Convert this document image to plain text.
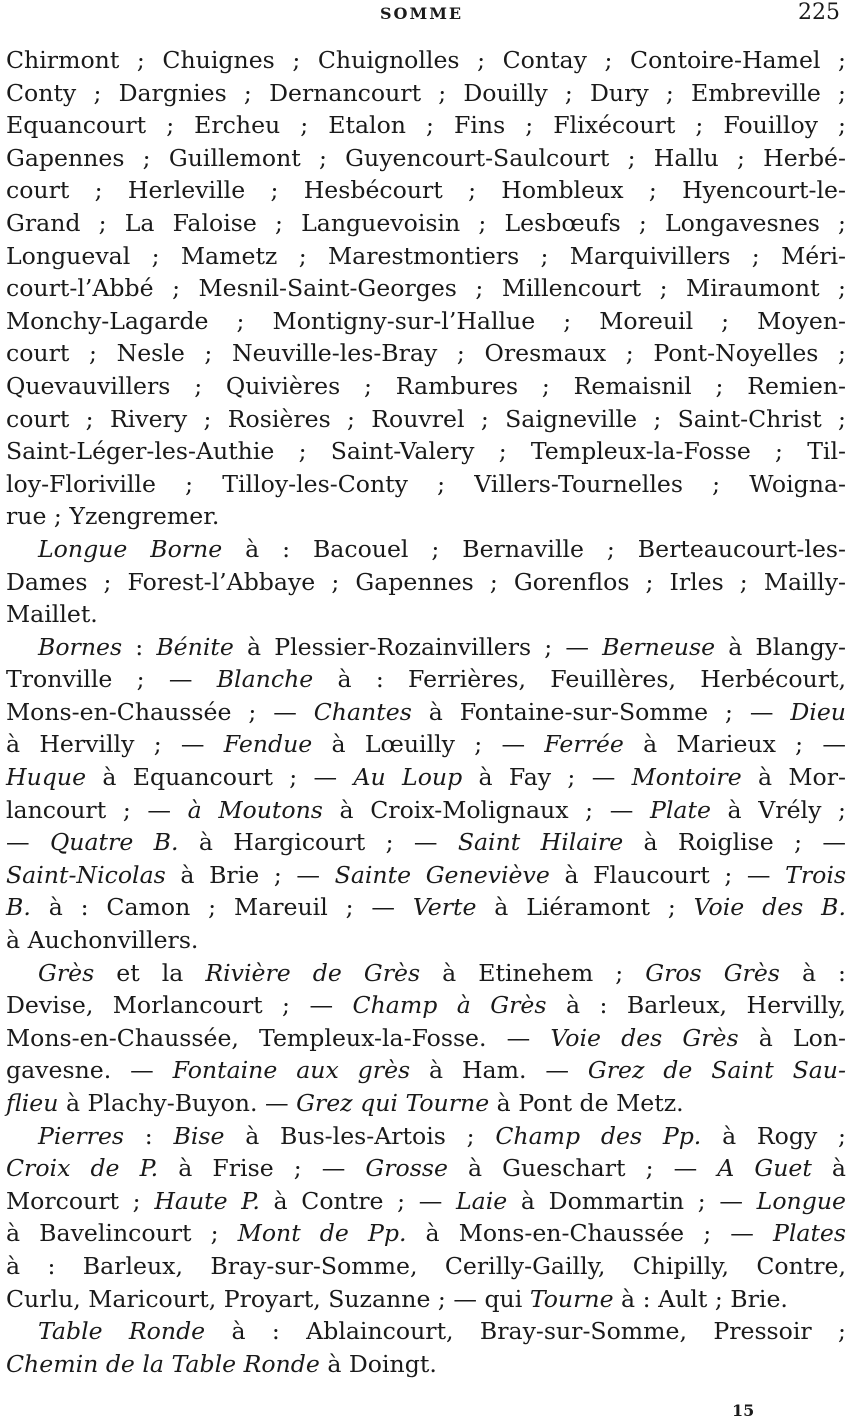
SOMME	225
Chirmont ; Chuignes ; Chuignolles ; Contay ; Contoire-Hamel ;
Conty ; Dargnies ; Dernancourt ; Douilly ; Dury ; Embreville ;
Equancourt ; Ercheu ; Etalon ; Fins ; Flixécourt ; Fouilloy ;
Gapennes ; Guillemont ; Guyencourt-Saulcourt ; Hallu ; Herbé-
court ; Herleville ; Hesbécourt ; Hombleux ; Hyencourt-le-
Grand ; La Faloise ; Languevoisin ; Lesbœufs ; Longavesnes ;
Longueval ; Mametz ; Marestmontiers ; Marquivillers ; Méri-
court-l’Abbé ; Mesnil-Saint-Georges ; Millencourt ; Miraumont ;
Monchy-Lagarde ; Montigny-sur-l’Hallue ; Moreuil ; Moyen-
court ; Nesle ; Neuville-les-Bray ; Oresmaux ; Pont-Noyelles ;
Quevauvillers ; Quivières ; Rambures ; Remaisnil ; Remien-
court ; Rivery ; Rosières ; Rouvrel ; Saigneville ; Saint-Christ ;
Saint-Léger-les-Authie ; Saint-Valery ; Templeux-la-Fosse ; Til-
loy-Floriville ; Tilloy-les-Conty ; Villers-Tournelles ; Woigna-
rue ; Yzengremer.
Longue Borne à : Bacouel ; Bernaville ; Berteaucourt-les-
Dames ; Forest-l’Abbaye ; Gapennes ; Gorenflos ; Irles ; Mailly-
Maillet.
Bornes : Bénite à Plessier-Rozainvillers ; — Berneuse à Blangy-
Tronville ; — Blanche à : Ferrières, Feuillères, Herbécourt,
Mons-en-Chaussée ; — Chantes à Fontaine-sur-Somme ; — Dieu
à Hervilly ; — Fendue à Lœuilly ; — Ferrée à Marieux ; —
Huque à Equancourt ; — Au Loup à Fay ; — Montoire à Mor-
lancourt ; — à Moutons à Croix-Molignaux ; — Plate à Vrély ;
— Quatre B. à Hargicourt ; — Saint Hilaire à Roiglise ; —
Saint-Nicolas à Brie ; — Sainte Geneviève à Flaucourt ; — Trois
B. à : Camon ; Mareuil ; — Verte à Liéramont ; Voie des B.
à Auchonvillers.
Grès et la Rivière de Grès à Etinehem ; Gros Grès à :
Devise, Morlancourt ; — Champ à Grès à : Barleux, Hervilly,
Mons-en-Chaussée, Templeux-la-Fosse. — Voie des Grès à Lon-
gavesne. — Fontaine aux grès à Ham. — Grez de Saint Sau-
flieu à Plachy-Buyon. — Grez qui Tourne à Pont de Metz.
Pierres : Bise à Bus-les-Artois ; Champ des Pp. à Rogy ;
Croix de P. à Frise ; — Grosse à Gueschart ; — A Guet à
Morcourt ; Haute P. à Contre ; — Laie à Dommartin ; — Longue
à Bavelincourt ; Mont de Pp. à Mons-en-Chaussée ; — Plates
à : Barleux, Bray-sur-Somme, Cerilly-Gailly, Chipilly, Contre,
Curlu, Maricourt, Proyart, Suzanne ; — qui Tourne à : Ault ; Brie.
Table Ronde à : Ablaincourt, Bray-sur-Somme, Pressoir ;
Chemin de la Table Ronde à Doingt.
15
